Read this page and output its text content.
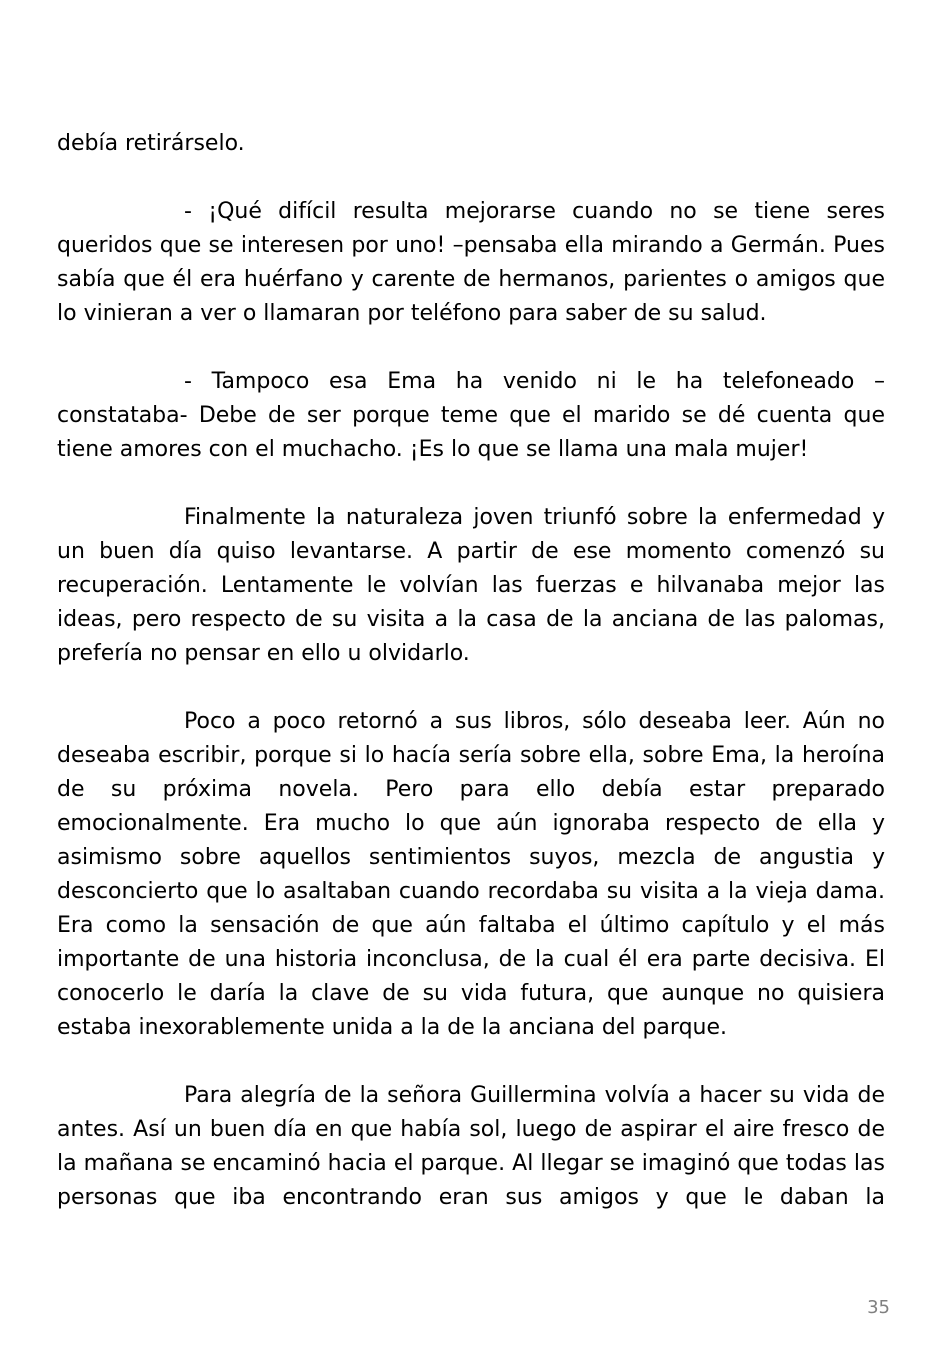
debía retirárselo.

- ¡Qué difícil resulta mejorarse cuando no se tiene seres queridos que se interesen por uno! –pensaba ella mirando a Germán. Pues sabía que él era huérfano y carente de hermanos, parientes o amigos que lo vinieran a ver o llamaran por teléfono para saber de su salud.

- Tampoco esa Ema ha venido ni le ha telefoneado –constataba- Debe de ser porque teme que el marido se dé cuenta que tiene amores con el muchacho. ¡Es lo que se llama una mala mujer!

Finalmente la naturaleza joven triunfó sobre la enfermedad y un buen día quiso levantarse. A partir de ese momento comenzó su recuperación. Lentamente le volvían las fuerzas e hilvanaba mejor las ideas, pero respecto de su visita a la casa de la anciana de las palomas, prefería no pensar en ello u olvidarlo.

Poco a poco retornó a sus libros, sólo deseaba leer. Aún no deseaba escribir, porque si lo hacía sería sobre ella, sobre Ema, la heroína de su próxima novela. Pero para ello debía estar preparado emocionalmente. Era mucho lo que aún ignoraba respecto de ella y asimismo sobre aquellos sentimientos suyos, mezcla de angustia y desconcierto que lo asaltaban cuando recordaba su visita a la vieja dama. Era como la sensación de que aún faltaba el último capítulo y el más importante de una historia inconclusa, de la cual él era parte decisiva. El conocerlo le daría la clave de su vida futura, que aunque no quisiera estaba inexorablemente unida a la de la anciana del parque.

Para alegría de la señora Guillermina volvía a hacer su vida de antes. Así un buen día en que había sol, luego de aspirar el aire fresco de la mañana se encaminó hacia el parque. Al llegar se imaginó que todas las personas que iba encontrando eran sus amigos y que le daban la

35
